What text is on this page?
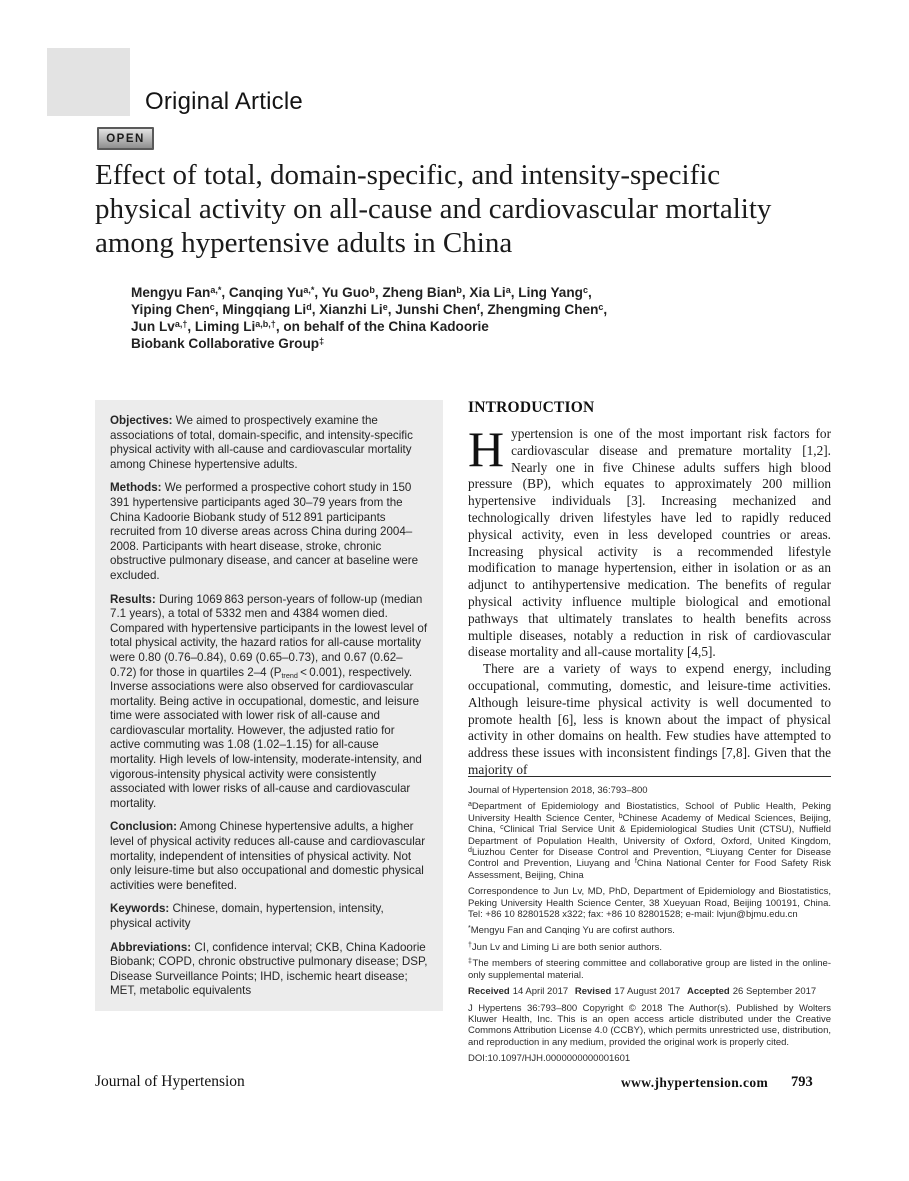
Original Article
OPEN
Effect of total, domain-specific, and intensity-specific physical activity on all-cause and cardiovascular mortality among hypertensive adults in China
Mengyu Fan$^{a,*}$, Canqing $Yu^{a,*}$, Yu Guo$^b$, Zheng Bian$^b$, Xia Li$^a$, Ling Yang$^c$,
Yiping Chen$^c$, Mingqiang Li$^d$, Xianzhi Li$^e$, Junshi Chen$^f$, Zhengming Chen$^c$,
Jun $Lv^{a,\dagger}$, Liming $Li^{a,b,\dagger}$, on behalf of the China Kadoorie
Biobank Collaborative Group‡

Objectives: We aimed to prospectively examine the associations of total, domain-specific, and intensity-specific physical activity with all-cause and cardiovascular mortality among Chinese hypertensive adults.

Methods: We performed a prospective cohort study in 150 391 hypertensive participants aged 30–79 years from the China Kadoorie Biobank study of 512 891 participants recruited from 10 diverse areas across China during 2004–2008. Participants with heart disease, stroke, chronic obstructive pulmonary disease, and cancer at baseline were excluded.

Results: During 1069 863 person-years of follow-up (median 7.1 years), a total of 5332 men and 4384 women died. Compared with hypertensive participants in the lowest level of total physical activity, the hazard ratios for all-cause mortality were 0.80 (0.76–0.84), 0.69 (0.65–0.73), and 0.67 (0.62–0.72) for those in quartiles 2–4 $(P_{trend} < 0.001)$, respectively. Inverse associations were also observed for cardiovascular mortality. Being active in occupational, domestic, and leisure time were associated with lower risk of all-cause and cardiovascular mortality. However, the adjusted ratio for active commuting was 1.08 (1.02–1.15) for all-cause mortality. High levels of low-intensity, moderate-intensity, and vigorous-intensity physical activity were consistently associated with lower risks of all-cause and cardiovascular mortality.

Conclusion: Among Chinese hypertensive adults, a higher level of physical activity reduces all-cause and cardiovascular mortality, independent of intensities of physical activity. Not only leisure-time but also occupational and domestic physical activities were benefited.

Keywords: Chinese, domain, hypertension, intensity, physical activity

Abbreviations: CI, confidence interval; CKB, China Kadoorie Biobank; COPD, chronic obstructive pulmonary disease; DSP, Disease Surveillance Points; IHD, ischemic heart disease; MET, metabolic equivalents

INTRODUCTION

Hypertension is one of the most important risk factors for cardiovascular disease and premature mortality [1,2]. Nearly one in five Chinese adults suffers high blood pressure (BP), which equates to approximately 200 million hypertensive individuals [3]. Increasing mechanized and technologically driven lifestyles have led to rapidly reduced physical activity, even in less developed countries or areas. Increasing physical activity is a recommended lifestyle modification to manage hypertension, either in isolation or as an adjunct to antihypertensive medication. The benefits of regular physical activity influence multiple biological and emotional pathways that ultimately translates to health benefits across multiple diseases, notably a reduction in risk of cardiovascular disease mortality and all-cause mortality [4,5].

There are a variety of ways to expend energy, including occupational, commuting, domestic, and leisure-time activities. Although leisure-time physical activity is well documented to promote health [6], less is known about the impact of physical activity in other domains on health. Few studies have attempted to address these issues with inconsistent findings [7,8]. Given that the majority of

Journal of Hypertension 2018, 36:793–800

$^a$Department of Epidemiology and Biostatistics, School of Public Health, Peking University Health Science Center, $^b$Chinese Academy of Medical Sciences, Beijing, China, $^c$Clinical Trial Service Unit & Epidemiological Studies Unit (CTSU), Nuffield Department of Population Health, University of Oxford, Oxford, United Kingdom, $^d$Liuzhou Center for Disease Control and Prevention, $^e$Liuyang Center for Disease Control and Prevention, Liuyang and $^f$China National Center for Food Safety Risk Assessment, Beijing, China

Correspondence to Jun Lv, MD, PhD, Department of Epidemiology and Biostatistics, Peking University Health Science Center, 38 Xueyuan Road, Beijing 100191, China. Tel: +86 10 82801528 x322; fax: +86 10 82801528; e-mail: lvjun@bjmu.edu.cn

*Mengyu Fan and Canqing Yu are cofirst authors.

†Jun Lv and Liming Li are both senior authors.

‡The members of steering committee and collaborative group are listed in the online-only supplemental material.

Received 14 April 2017 Revised 17 August 2017 Accepted 26 September 2017

J Hypertens 36:793–800 Copyright © 2018 The Author(s). Published by Wolters Kluwer Health, Inc. This is an open access article distributed under the Creative Commons Attribution License 4.0 (CCBY), which permits unrestricted use, distribution, and reproduction in any medium, provided the original work is properly cited.

DOI:10.1097/HJH.0000000000001601

Journal of Hypertension	www.jhypertension.com 793
